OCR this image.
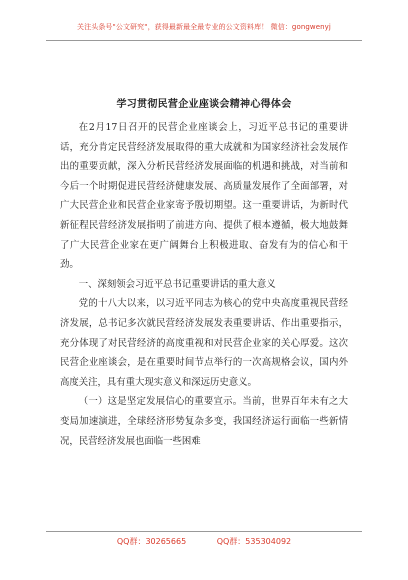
关注头条号"公文研究"，获得最新最全最专业的公文资料库！ 微信：gongwenyj
学习贯彻民营企业座谈会精神心得体会

在2月17日召开的民营企业座谈会上，习近平总书记的重要讲话，充分肯定民营经济发展取得的重大成就和为国家经济社会发展作出的重要贡献，深入分析民营经济发展面临的机遇和挑战，对当前和今后一个时期促进民营经济健康发展、高质量发展作了全面部署，对广大民营企业和民营企业家寄予殷切期望。这一重要讲话，为新时代新征程民营经济发展指明了前进方向、提供了根本遵循，极大地鼓舞了广大民营企业家在更广阔舞台上积极进取、奋发有为的信心和干劲。

一、深刻领会习近平总书记重要讲话的重大意义

党的十八大以来，以习近平同志为核心的党中央高度重视民营经济发展，总书记多次就民营经济发展发表重要讲话、作出重要指示，充分体现了对民营经济的高度重视和对民营企业家的关心厚爱。这次民营企业座谈会，是在重要时间节点举行的一次高规格会议，国内外高度关注，具有重大现实意义和深远历史意义。

（一）这是坚定发展信心的重要宣示。当前，世界百年未有之大变局加速演进，全球经济形势复杂多变，我国经济运行面临一些新情况，民营经济发展也面临一些困难

QQ群：30265665	QQ群：535304092
